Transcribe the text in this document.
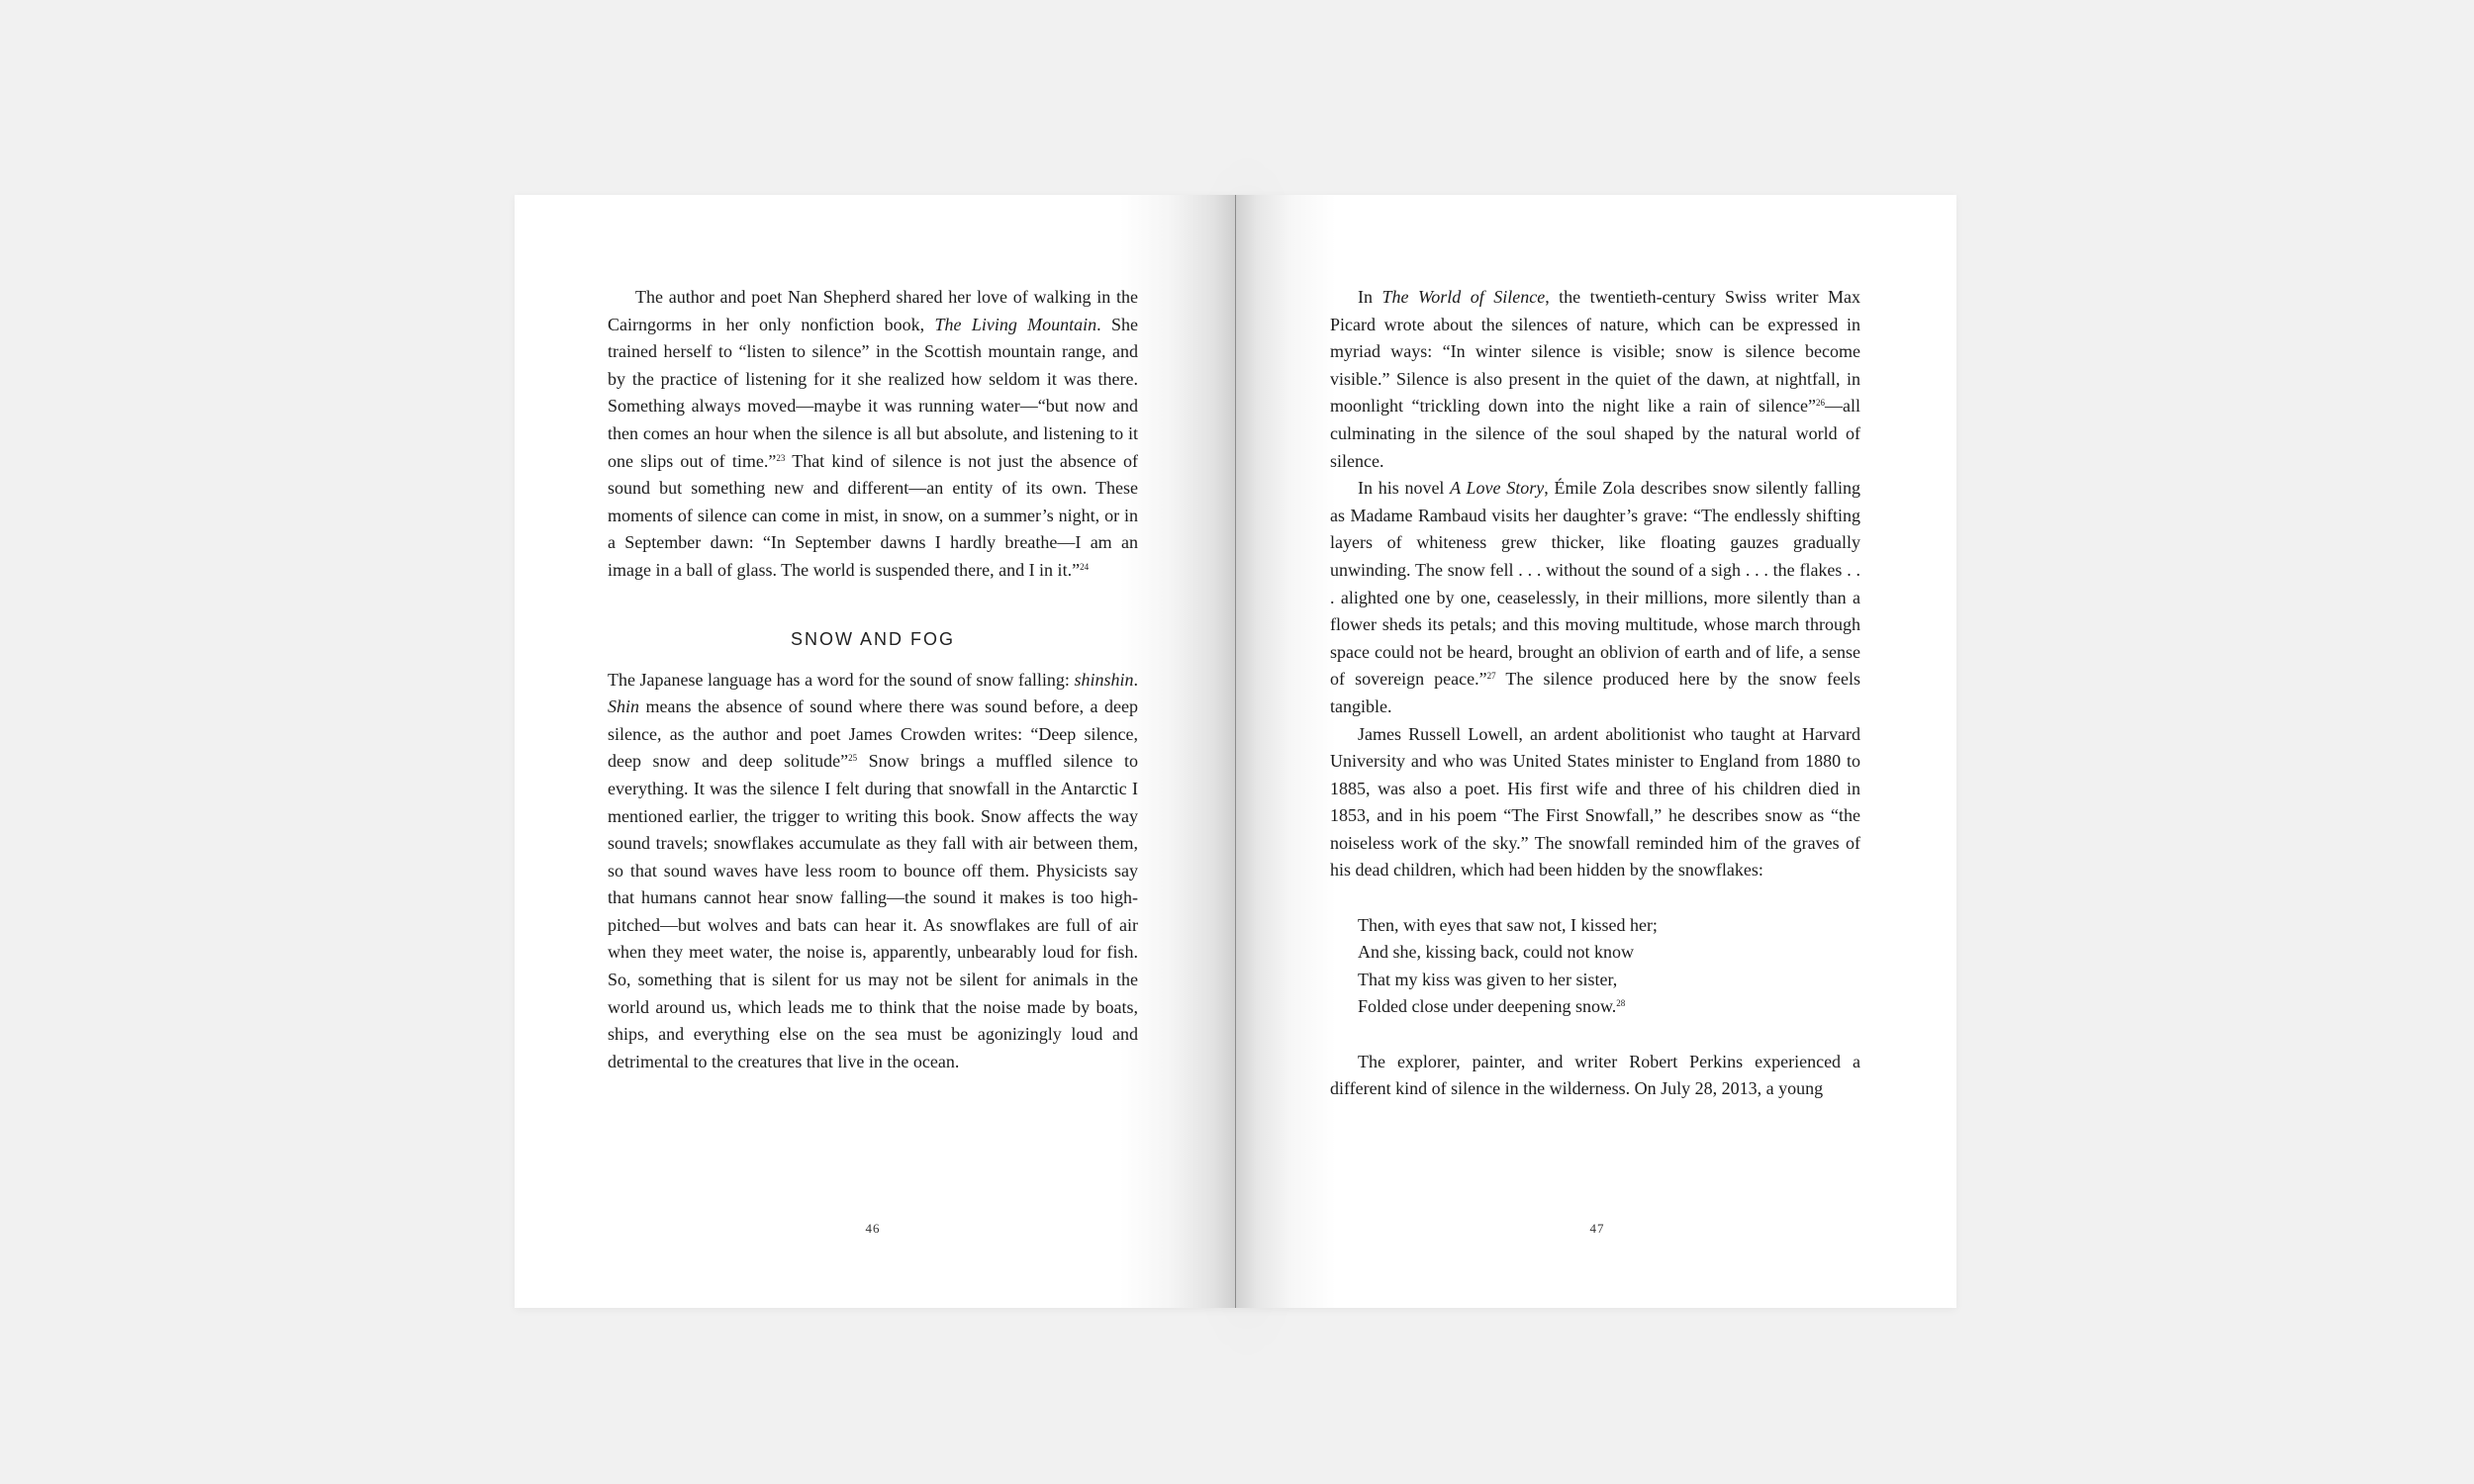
The author and poet Nan Shepherd shared her love of walking in the Cairngorms in her only nonfiction book, The Living Mountain. She trained herself to “listen to silence” in the Scottish mountain range, and by the practice of listening for it she realized how seldom it was there. Something always moved—maybe it was running water—“but now and then comes an hour when the silence is all but absolute, and listening to it one slips out of time.”$^{23}$ That kind of silence is not just the absence of sound but something new and different—an entity of its own. These moments of silence can come in mist, in snow, on a summer’s night, or in a September dawn: “In September dawns I hardly breathe—I am an image in a ball of glass. The world is suspended there, and I in it.”$^{24}$

SNOW AND FOG

The Japanese language has a word for the sound of snow falling: shinshin. Shin means the absence of sound where there was sound before, a deep silence, as the author and poet James Crowden writes: “Deep silence, deep snow and deep solitude”$^{25}$ Snow brings a muffled silence to everything. It was the silence I felt during that snowfall in the Antarctic I mentioned earlier, the trigger to writing this book. Snow affects the way sound travels; snowflakes accumulate as they fall with air between them, so that sound waves have less room to bounce off them. Physicists say that humans cannot hear snow falling—the sound it makes is too high-pitched—but wolves and bats can hear it. As snowflakes are full of air when they meet water, the noise is, apparently, unbearably loud for fish. So, something that is silent for us may not be silent for animals in the world around us, which leads me to think that the noise made by boats, ships, and everything else on the sea must be agonizingly loud and detrimental to the creatures that live in the ocean.

46

In The World of Silence, the twentieth-century Swiss writer Max Picard wrote about the silences of nature, which can be expressed in myriad ways: “In winter silence is visible; snow is silence become visible.” Silence is also present in the quiet of the dawn, at nightfall, in moonlight “trickling down into the night like a rain of silence”$^{26}$—all culminating in the silence of the soul shaped by the natural world of silence.

In his novel A Love Story, Émile Zola describes snow silently falling as Madame Rambaud visits her daughter’s grave: “The endlessly shifting layers of whiteness grew thicker, like floating gauzes gradually unwinding. The snow fell . . . without the sound of a sigh . . . the flakes . . . alighted one by one, ceaselessly, in their millions, more silently than a flower sheds its petals; and this moving multitude, whose march through space could not be heard, brought an oblivion of earth and of life, a sense of sovereign peace.”$^{27}$ The silence produced here by the snow feels tangible.

James Russell Lowell, an ardent abolitionist who taught at Harvard University and who was United States minister to England from 1880 to 1885, was also a poet. His first wife and three of his children died in 1853, and in his poem “The First Snowfall,” he describes snow as “the noiseless work of the sky.” The snowfall reminded him of the graves of his dead children, which had been hidden by the snowflakes:

Then, with eyes that saw not, I kissed her;
And she, kissing back, could not know
That my kiss was given to her sister,
Folded close under deepening snow.$^{28}$

The explorer, painter, and writer Robert Perkins experienced a different kind of silence in the wilderness. On July 28, 2013, a young

47
